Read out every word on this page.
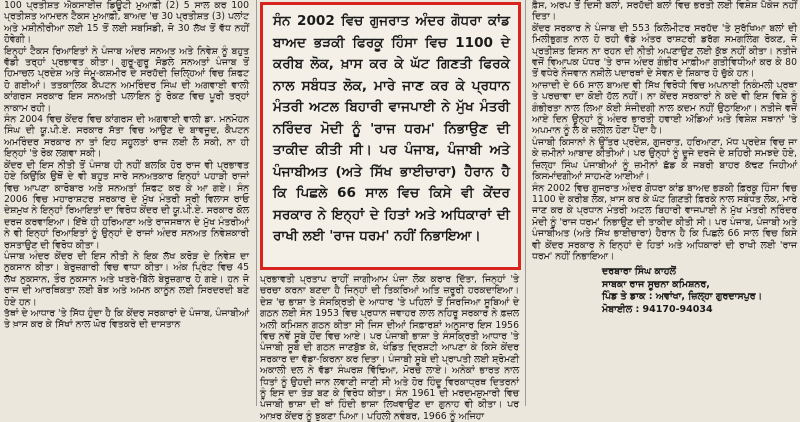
100 ਪ੍ਰਤੀਸ਼ਤ ਐਕਸਾਈਜ਼ ਡਿਊਟੀ ਮੁਆਫ਼ੀ (2) 5 ਸਾਲ ਕਰ 100 ਪ੍ਰਤੀਸ਼ਤ ਆਮਦਨ ਟੈਕਸ ਮੁਆਫ਼ੀ, ਬਾਅਦ 'ਚ 30 ਪ੍ਰਤੀਸ਼ਤ (3) ਪਲਾਂਟ ਅਤੇ ਮਸ਼ੀਨੀਰੀਆ ਲਈ 15 ਤੋਂ ਲਈ ਸਬਸਿਡੀ, ਜੋ 30 ਲੱਖ ਤੋਂ ਵੱਧ ਨਹੀਂ ਹੋਵੇਗੀ।

ਇਨ੍ਹਾਂ ਟੈਕਸ ਰਿਆਇਤਾਂ ਨੇ ਪੰਜਾਬ ਅੰਦਰ ਸਨਅਤ ਅਤੇ ਨਿਵੇਸ਼ ਨੂੰ ਬਹੁਤ ਵੱਡੀ ਤਰ੍ਹਾਂ ਪ੍ਰਭਾਵਤ ਕੀਤਾ। ਗੁਰੂ-ਗੁਰੂ ਸੋਡਲੇ ਸਨਅਤਾਂ ਪੰਜਾਬ ਤੋਂ ਹਿਮਾਚਲ ਪ੍ਰਦੇਸ਼ ਅਤੇ ਜੰਮੂ-ਕਸ਼ਮੀਰ ਦੇ ਸਰਹੱਦੀ ਜ਼ਿਲ੍ਹਿਆਂ ਵਿਚ ਸ਼ਿਫਟ ਹੋ ਗਈਆਂ। ਤਤਕਾਲਿਕ ਕੈਪਟਨ ਅਮਰਿੰਦਰ ਸਿੰਘ ਦੀ ਅਗਵਾਈ ਵਾਲੀ ਕਾਂਗਰਸ ਸਰਕਾਰ ਇਸ ਸਨਅਤੀ ਪਲਾਇਨ ਨੂੰ ਰੋਕਣ ਵਿਚ ਪੂਰੀ ਤਰ੍ਹਾਂ ਨਾਕਾਮ ਰਹੀ।

ਸੰਨ 2004 ਵਿਚ ਕੇਂਦਰ ਵਿਚ ਕਾਂਗਰਸ ਦੀ ਅਗਵਾਈ ਵਾਲੀ ਡਾ. ਮਨਮੋਹਨ ਸਿੰਘ ਦੀ ਯੂ.ਪੀ.ਏ. ਸਰਕਾਰ ਸੱਤਾ ਵਿਚ ਆਉਣ ਦੇ ਬਾਵਜੂਦ, ਕੈਪਟਨ ਅਮਰਿੰਦਰ ਸਰਕਾਰ ਨਾ ਤਾਂ ਇਹ ਸਹੂਲਤਾਂ ਰਾਜ ਲਈ ਲੈ ਸਕੀ, ਨਾ ਹੀ ਇਨ੍ਹਾਂ 'ਤੇ ਰੋਕ ਲਗਵਾ ਸਕੀ।

ਕੇਂਦਰ ਦੀ ਇਸ ਨੀਤੀ ਤੋਂ ਪੰਜਾਬ ਹੀ ਨਹੀਂ ਬਲਕਿ ਹੋਰ ਰਾਜ ਵੀ ਪ੍ਰਭਾਵਤ ਹੋਏ ਕਿਉਂਕਿ ਉਥੋਂ ਦੇ ਵੀ ਬਹੁਤ ਸਾਰੇ ਸਨਅਤਕਾਰ ਇਨ੍ਹਾਂ ਪਹਾੜੀ ਰਾਜਾਂ ਵਿਚ ਆਪਣਾ ਕਾਰੋਬਾਰ ਅਤੇ ਸਨਅਤਾਂ ਸ਼ਿਫਟ ਕਰ ਕੇ ਆ ਗਏ। ਸੰਨ 2006 ਵਿਚ ਮਹਾਰਾਸ਼ਟਰ ਸਰਕਾਰ ਦੇ ਮੁੱਖ ਮੰਤਰੀ ਸ੍ਰੀ ਵਿਲਾਸ ਰਾਓ ਦੇਸ਼ਮੁਖ ਨੇ ਇਨ੍ਹਾਂ ਰਿਆਇਤਾਂ ਦਾ ਵਿਰੋਧ ਕੇਂਦਰ ਦੀ ਯੂ.ਪੀ.ਏ. ਸਰਕਾਰ ਕੋਲ ਦਰਜ ਕਰਵਾਇਆ। ਇੱਥੇ ਹੀ ਹਰਿਆਣਾ ਅਤੇ ਰਾਜਸਥਾਨ ਦੇ ਮੁੱਖ ਮੰਤਰੀਆਂ ਨੇ ਵੀ ਇਨ੍ਹਾਂ ਰਿਆਇਤਾਂ ਨੂੰ ਉਨ੍ਹਾਂ ਦੇ ਰਾਜਾਂ ਅੰਦਰ ਸਨਅਤ ਨਿਵੇਸ਼ਕਾਰੀ ਰਸਤਾਉਣ ਦੀ ਵਿਰੋਧ ਕੀਤਾ।

ਪੰਜਾਬ ਅੰਦਰ ਕੇਂਦਰ ਦੀ ਇਸ ਨੀਤੀ ਨੇ ਇਕ ਲੱਖ ਕਰੋੜ ਦੇ ਨਿਵੇਸ਼ ਦਾ ਨੁਕਸਾਨ ਕੀਤਾ। ਬੇਰੁਜ਼ਗਾਰੀ ਵਿਚ ਵਾਧਾ ਕੀਤਾ। ਅੰਕ ਪ੍ਰਿੰਟ ਵਿਚ 45 ਲੱਖ ਨੁਕਸਾਨ, ਤੌਰ ਨੁਕਸਾਨ ਅਤੇ ਖਤਰੇ-ਬਿੱਲੇ ਬੇਰੁਜ਼ਗਾਰ ਹੋ ਗਏ। ਹਨ ਜੋ ਰਾਜ ਦੀ ਆਰਥਿਕਤਾ ਲਈ ਬੋਝ ਅਤੇ ਅਮਨ ਕਾਨੂੰਨ ਲਈ ਸਿਰਦਰਦੀ ਬਣੇ ਹੋਏ ਹਨ।

ਤੱਥਾਂ ਦੇ ਆਧਾਰ 'ਤੇ ਸਿੱਧ ਹੁੰਦਾ ਹੈ ਕਿ ਕੇਂਦਰ ਸਰਕਾਰਾਂ ਦੇ ਪੰਜਾਬ, ਪੰਜਾਬੀਆਂ ਤੇ ਖ਼ਾਸ ਕਰ ਕੇ ਸਿੱਖਾਂ ਨਾਲ ਘੋਰ ਵਿਤਕਰੇ ਦੀ ਦਾਸਤਾਨ

ਸੰਨ 2002 ਵਿਚ ਗੁਜਰਾਤ ਅੰਦਰ ਗੋਧਰਾ ਕਾਂਡ ਬਾਅਦ ਭੜਕੀ ਫਿਰਕੂ ਹਿੰਸਾ ਵਿਚ 1100 ਦੇ ਕਰੀਬ ਲੋਕ, ਖ਼ਾਸ ਕਰ ਕੇ ਘੱਟ ਗਿਣਤੀ ਫਿਰਕੇ ਨਾਲ ਸਬੰਧਤ ਲੋਕ, ਮਾਰੇ ਜਾਣ ਕਰ ਕੇ ਪ੍ਰਧਾਨ ਮੰਤਰੀ ਅਟਲ ਬਿਹਾਰੀ ਵਾਜਪਾਈ ਨੇ ਮੁੱਖ ਮੰਤਰੀ ਨਰਿੰਦਰ ਮੋਦੀ ਨੂੰ 'ਰਾਜ ਧਰਮ' ਨਿਭਾਉਣ ਦੀ ਤਾਕੀਦ ਕੀਤੀ ਸੀ। ਪਰ ਪੰਜਾਬ, ਪੰਜਾਬੀ ਅਤੇ ਪੰਜਾਬੀਅਤ (ਅਤੇ ਸਿੱਖ ਭਾਈਚਾਰਾ) ਹੈਰਾਨ ਹੈ ਕਿ ਪਿਛਲੇ 66 ਸਾਲ ਵਿਚ ਕਿਸੇ ਵੀ ਕੇਂਦਰ ਸਰਕਾਰ ਨੇ ਇਨ੍ਹਾਂ ਦੇ ਹਿਤਾਂ ਅਤੇ ਅਧਿਕਾਰਾਂ ਦੀ ਰਾਖੀ ਲਈ 'ਰਾਜ ਧਰਮ' ਨਹੀਂ ਨਿਭਾਇਆ।

ਪ੍ਰਭਾਵਤੀ ਪ੍ਰਤਾਪ ਰਾਹੀਂ ਜਾਗੀਆਮ ਪੰਜਾ ਲੋਕ ਕਰਾਰ ਦਿੱਤਾ, ਜਿਨ੍ਹਾਂ 'ਤੇ ਚਰਚਾ ਕਰਨਾ ਬਣਦਾ ਹੈ ਜਿਨ੍ਹਾਂ ਦੀ ਤਿਕਰਿਆਂ ਅਤਿ ਜ਼ਰੂਰੀ ਹਰਕਦਾਇਆ। ਦੇਸ਼ 'ਚ ਭਾਸ਼ਾ ਤੇ ਸੰਸਕ੍ਰਿਤੀ ਦੇ ਆਧਾਰ 'ਤੇ ਪਹਿਲਾਂ ਤੋਂ ਸਿਰਜਿਆ ਸੂਬਿਆਂ ਦੇ ਗਠਨ ਲਈ ਸੰਨ 1953 ਵਿਚ ਪ੍ਰਧਾਨ ਜਵਾਹਰ ਲਾਲ ਨਹਿਰੂ ਸਰਕਾਰ ਨੇ ਫ਼ਜ਼ਲ ਅਲੀ ਕਮਿਸ਼ਨ ਗਠਨ ਕੀਤਾ ਸੀ ਜਿਸ ਦੀਆਂ ਸਿਫ਼ਾਰਸ਼ਾਂ ਅਨੁਸਾਰ ਇਸ 1956 ਵਿਚ ਨਵੇਂ ਸੂਬੇ ਹੋਂਦ ਵਿਚ ਆਏ। ਪਰ ਪੰਜਾਬੀ ਭਾਸ਼ਾ ਤੇ ਸੰਸਕ੍ਰਿਤੀ ਆਧਾਰ 'ਤੇ ਪੰਜਾਬੀ ਸੂਬੇ ਦੀ ਗਠਨ ਜਾਣਬੁੱਝ ਕੇ, ਖੰਡਿਤ ਦ੍ਰਿਸ਼ਟੀ ਆਪਣਾ ਕੇ ਕਿਸੇ ਕੇਂਦਰ ਸਰਕਾਰ ਦਾ ਵੱਡਾ-ਕਿਰਨਾ ਕਰ ਦਿਤਾ। ਪੰਜਾਬੀ ਸੂਬੇ ਦੀ ਪ੍ਰਾਪਤੀ ਲਈ ਸ਼੍ਰੋਮਣੀ ਅਕਾਲੀ ਦਲ ਨੇ ਵੱਡਾ ਸੰਘਰਸ਼ ਵਿੱਢਿਆ, ਮੋਰਚੇ ਲਾਏ। ਅਨੇਕਾਂ ਭਾਰਤ ਨਾਲ ਧਿਤਾਂ ਨੂੰ ਉਹਦੀ ਜਾਨ ਲਵਾਣੀ ਜਾਣੀ ਸੀ ਅਤੇ ਹੋਰ ਹਿੰਦੂ ਵਿਰਕਾਧ੍ਰਥ ਦਿਤਰਨਾਂ ਨੂੰ ਇਸ ਦਾ ਤੋੜ ਬਣ ਕੇ ਵਿਰੋਧ ਕੀਤਾ। ਸੰਨ 1961 ਦੀ ਮਰਦਮਸ਼ੁਮਾਰੀ ਵਿਚ ਪੰਜਾਬੀ ਭਾਸ਼ਾ ਦੀ ਥਾਂ ਹਿੰਦੀ ਭਾਸ਼ਾ ਲਿਖਵਾਉਣ ਦਾ ਗੁਨਾਹ ਵੀ ਕੀਤਾ। ਪਰ ਆਖ਼ਰ ਕੇਂਦਰ ਨੂੰ ਝੁਕਣਾ ਪਿਆ। ਪਹਿਲੀ ਨਵੰਬਰ, 1966 ਨੂੰ ਅਜਿਹਾ

ਫ਼ੈਸ, ਅਰਪ ਤੋਂ ਦਿਸੀ ਬਲਾਂ, ਸਰਹੱਦੀ ਬਲਾਂ ਵਿਚ ਭਰਤੀ ਲਈ ਵਿਸ਼ੇਸ਼ ਪੈਕੇਜ ਨਹੀਂ ਦਿਤਾ।

ਕੇਂਦਰ ਸਰਕਾਰ ਨੇ ਪੰਜਾਬ ਦੀ 553 ਕਿਲੋਮੀਟਰ ਸਰਹੱਦ 'ਤੇ ਸੁਰੱਖਿਆ ਬਲਾਂ ਦੀ ਮਿਲੀਭੁਗਤ ਨਾਲ ਹੋ ਰਹੀ ਵੱਡੇ ਅੰਤਰ ਰਾਸ਼ਟਰੀ ਡਰੱਗ ਸਮਗਲਿੰਗ ਰੋਕਣ, ਜੋ ਪ੍ਰਤੀਸ਼ਤ ਇਸਨ ਨਾ ਰਹਨ ਦੀ ਨੀਤੀ ਅਪਣਾਉਣ ਲਈ ਕੁੱਝ ਨਹੀਂ ਕੀਤਾ। ਨਤੀਜੇ ਵਜੋਂ ਵਿਆਪਕ ਪੱਧਰ 'ਤੇ ਰਾਜ ਅੰਦਰ ਗੰਭੀਰ ਮਾਫ਼ੀਆ ਗਤੀਵਿਧੀਆਂ ਕਰ ਕੇ 80 ਤੋਂ ਵਧੇਰੇ ਨੌਜਵਾਨ ਨਸ਼ੀਲੇ ਪਦਾਰਥਾਂ ਦੇ ਸੇਵਨ ਦੇ ਸ਼ਿਕਾਰ ਹੋ ਚੁੱਕੇ ਹਨ।

ਆਜ਼ਾਦੀ ਦੇ 66 ਸਾਲ ਬਾਅਦ ਵੀ ਸਿੱਖ ਵਿਰੋਧੀ ਵਿਚ ਅਪਨਾਈ ਨਿਕੰਮਲੀ ਪ੍ਰਥਾ ਤੇ ਪਰਚਾਵਾ ਦਾ ਕੋਈ ਹੱਲ ਨਹੀਂ। ਨਾ ਕੇਂਦਰ ਸਰਕਾਰਾਂ ਨੇ ਕਦੇ ਵੀ ਇਸ ਵਿਸ਼ੇ ਨੂੰ ਗੰਭੀਰਤਾ ਨਾਲ ਲਿਆ ਕੋਈ ਸੰਜੀਦਗੀ ਨਾਲ ਕਦਮ ਨਹੀਂ ਉਠਾਇਆ। ਨਤੀਜੇ ਵਜੋਂ ਆਏ ਦਿਨ ਉਨ੍ਹਾਂ ਨੂੰ ਅੰਦਰ ਭਾਰਤੀ ਹਵਾਈ ਅੱਡਿਆਂ ਅਤੇ ਵਿਸ਼ੇਸ਼ ਸਥਾਨਾਂ 'ਤੇ ਅਪਮਾਨ ਨੂੰ ਲੈ ਕੇ ਜ਼ਲੀਲ ਹੋਣਾ ਪੈਂਦਾ ਹੈ।

ਪੰਜਾਬੀ ਕਿਸਾਨਾਂ ਨੇ ਉੱਤਰ ਪ੍ਰਦੇਸ਼, ਗੁਜਰਾਤ, ਹਰਿਆਣਾ, ਮੱਧ ਪ੍ਰਦੇਸ਼ ਵਿਚ ਜਾ ਕੇ ਜ਼ਮੀਨਾਂ ਆਬਾਦ ਕੀਤੀਆਂ। ਪਰ ਉਨ੍ਹਾਂ ਨੂੰ ਦੂਜੇ ਦਰਜੇ ਦੇ ਸ਼ਹਿਰੀ ਸਮਝਦੇ ਹੋਏ, ਜ਼ਿਲ੍ਹਾ ਸਿੰਘ ਪੰਜਾਬੀਆਂ ਨੂੰ ਜ਼ਮੀਨਾਂ ਛੱਡ ਕੇ ਜਬਰੀ ਬਾਹਰ ਕੱਢਣ ਜਿਹੀਆਂ ਕਿਸਮਾਂਦਗੀਆਂ ਸਾਹਮਣੇ ਆਈਆਂ।

ਸੰਨ 2002 ਵਿਚ ਗੁਜਰਾਤ ਅੰਦਰ ਗੋਧਰਾ ਕਾਂਡ ਬਾਅਦ ਭੜਕੀ ਫ਼ਿਰਕੂ ਹਿੰਸਾ ਵਿਚ 1100 ਦੇ ਕਰੀਬ ਲੋਕ, ਖ਼ਾਸ ਕਰ ਕੇ ਘੱਟ ਗਿਣਤੀ ਫ਼ਿਰਕੇ ਨਾਲ ਸਬੰਧਤ ਲੋਕ, ਮਾਰੇ ਜਾਣ ਕਰ ਕੇ ਪ੍ਰਧਾਨ ਮੰਤਰੀ ਅਟਲ ਬਿਹਾਰੀ ਵਾਜਪਾਈ ਨੇ ਮੁੱਖ ਮੰਤਰੀ ਨਰਿੰਦਰ ਮੋਦੀ ਨੂੰ 'ਰਾਜ ਧਰਮ' ਨਿਭਾਉਣ ਦੀ ਤਾਕੀਦ ਕੀਤੀ ਸੀ। ਪਰ ਪੰਜਾਬ, ਪੰਜਾਬੀ ਅਤੇ ਪੰਜਾਬੀਅਤ (ਅਤੇ ਸਿੱਖ ਭਾਈਚਾਰਾ) ਹੈਰਾਨ ਹੈ ਕਿ ਪਿਛਲੇ 66 ਸਾਲ ਵਿਚ ਕਿਸੇ ਵੀ ਕੇਂਦਰ ਸਰਕਾਰ ਨੇ ਇਨ੍ਹਾਂ ਦੇ ਹਿਤਾਂ ਅਤੇ ਅਧਿਕਾਰਾਂ ਦੀ ਰਾਖੀ ਲਈ 'ਰਾਜ ਧਰਮ' ਨਹੀਂ ਨਿਭਾਇਆ।

ਦਰਬਾਰਾ ਸਿੰਘ ਕਾਹਲੋਂ
ਸਾਬਕਾ ਰਾਜ ਸੂਚਨਾ ਕਮਿਸ਼ਨਰ,
ਪਿੰਡ ਤੇ ਡਾਕ : ਅਵਾਂਖਾ, ਜ਼ਿਲ੍ਹਾ ਗੁਰਦਾਸਪੁਰ।
ਮੋਬਾਈਲ : 94170-94034
